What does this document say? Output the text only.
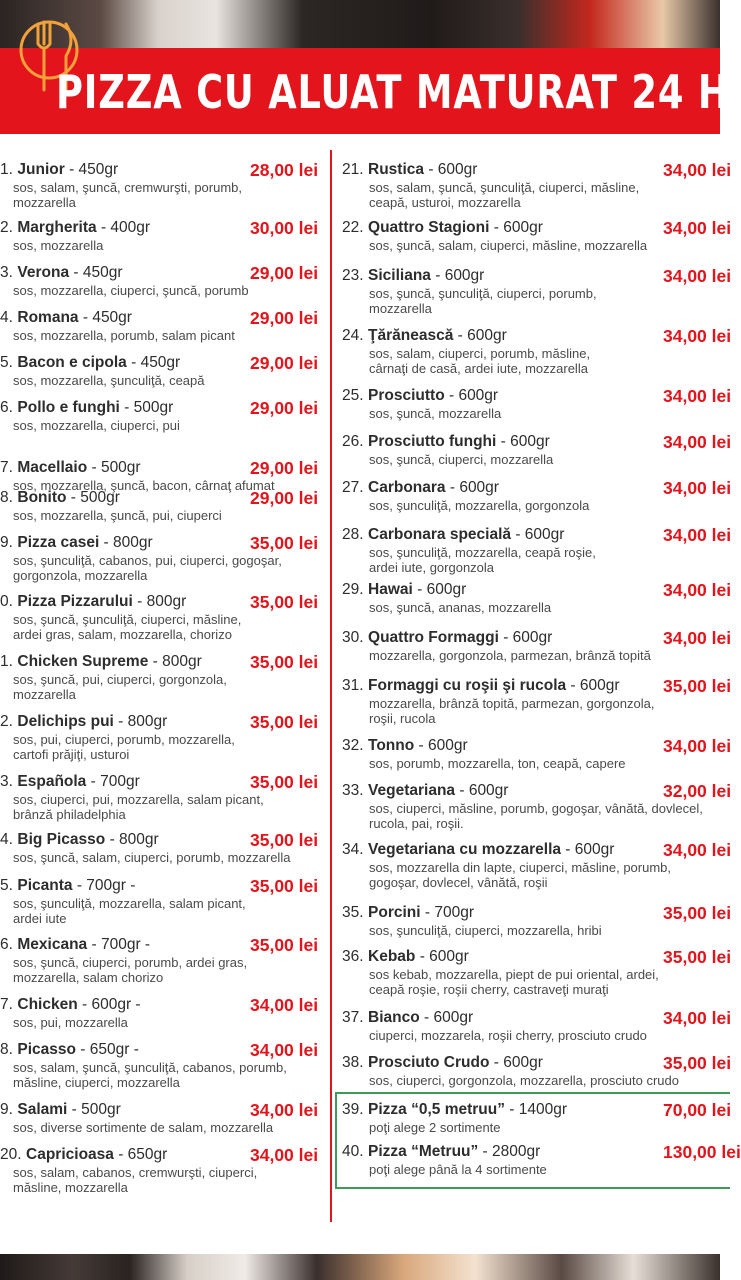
PIZZA CU ALUAT MATURAT 24 H
1. Junior - 450gr	28,00 lei
sos, salam, şuncă, cremwurşti, porumb,
mozzarella
2. Margherita - 400gr	30,00 lei
sos, mozzarella
3. Verona - 450gr	29,00 lei
sos, mozzarella, ciuperci, şuncă, porumb
4. Romana - 450gr	29,00 lei
sos, mozzarella, porumb, salam picant
5. Bacon e cipola - 450gr	29,00 lei
sos, mozzarella, şunculiţă, ceapă
6. Pollo e funghi - 500gr	29,00 lei
sos, mozzarella, ciuperci, pui
7. Macellaio - 500gr	29,00 lei
sos, mozzarella, şuncă, bacon, cârnaţ afumat
8. Bonito - 500gr	29,00 lei
sos, mozzarella, şuncă, pui, ciuperci
9. Pizza casei - 800gr	35,00 lei
sos, şunculiţă, cabanos, pui, ciuperci, gogoşar,
gorgonzola, mozzarella
0. Pizza Pizzarului - 800gr	35,00 lei
sos, şuncă, şunculiţă, ciuperci, măsline,
ardei gras, salam, mozzarella, chorizo
1. Chicken Supreme - 800gr	35,00 lei
sos, şuncă, pui, ciuperci, gorgonzola,
mozzarella
2. Delichips pui - 800gr	35,00 lei
sos, pui, ciuperci, porumb, mozzarella,
cartofi prăjiţi, usturoi
3. Española - 700gr	35,00 lei
sos, ciuperci, pui, mozzarella, salam picant,
brânză philadelphia
4. Big Picasso - 800gr	35,00 lei
sos, şuncă, salam, ciuperci, porumb, mozzarella
5. Picanta - 700gr -	35,00 lei
sos, şunculiţă, mozzarella, salam picant,
ardei iute
6. Mexicana - 700gr -	35,00 lei
sos, şuncă, ciuperci, porumb, ardei gras,
mozzarella, salam chorizo
7. Chicken - 600gr -	34,00 lei
sos, pui, mozzarella
8. Picasso - 650gr -	34,00 lei
sos, salam, şuncă, şunculiţă, cabanos, porumb,
măsline, ciuperci, mozzarella
9. Salami - 500gr	34,00 lei
sos, diverse sortimente de salam, mozzarella
20. Capricioasa - 650gr	34,00 lei
sos, salam, cabanos, cremwurşti, ciuperci,
măsline, mozzarella
21. Rustica - 600gr	34,00 lei
sos, salam, şuncă, şunculiţă, ciuperci, măsline,
ceapă, usturoi, mozzarella
22. Quattro Stagioni - 600gr	34,00 lei
sos, şuncă, salam, ciuperci, măsline, mozzarella
23. Siciliana - 600gr	34,00 lei
sos, şuncă, şunculiţă, ciuperci, porumb,
mozzarella
24. Ţărănească - 600gr	34,00 lei
sos, salam, ciuperci, porumb, măsline,
cârnaţi de casă, ardei iute, mozzarella
25. Prosciutto - 600gr	34,00 lei
sos, şuncă, mozzarella
26. Prosciutto funghi - 600gr	34,00 lei
sos, şuncă, ciuperci, mozzarella
27. Carbonara - 600gr	34,00 lei
sos, şunculiţă, mozzarella, gorgonzola
28. Carbonara specială - 600gr	34,00 lei
sos, şunculiţă, mozzarella, ceapă roşie,
ardei iute, gorgonzola
29. Hawai - 600gr	34,00 lei
sos, şuncă, ananas, mozzarella
30. Quattro Formaggi - 600gr	34,00 lei
mozzarella, gorgonzola, parmezan, brânză topită
31. Formaggi cu roşii şi rucola - 600gr 35,00 lei
mozzarella, brânză topită, parmezan, gorgonzola,
roşii, rucola
32. Tonno - 600gr	34,00 lei
sos, porumb, mozzarella, ton, ceapă, capere
33. Vegetariana - 600gr	32,00 lei
sos, ciuperci, măsline, porumb, gogoşar, vânătă, dovlecel,
rucola, pai, roşii.
34. Vegetariana cu mozzarella - 600gr	34,00 lei
sos, mozzarella din lapte, ciuperci, măsline, porumb,
gogoşar, dovlecel, vânătă, roşii
35. Porcini - 700gr	35,00 lei
sos, şunculiţă, ciuperci, mozzarella, hribi
36. Kebab - 600gr	35,00 lei
sos kebab, mozzarella, piept de pui oriental, ardei,
ceapă roşie, roşii cherry, castraveţi muraţi
37. Bianco - 600gr	34,00 lei
ciuperci, mozzarela, roşii cherry, prosciuto crudo
38. Prosciuto Crudo - 600gr	35,00 lei
sos, ciuperci, gorgonzola, mozzarella, prosciuto crudo
39. Pizza “0,5 metruu” - 1400gr	70,00 lei
poţi alege 2 sortimente
40. Pizza “Metruu” - 2800gr	130,00 lei
poţi alege până la 4 sortimente
